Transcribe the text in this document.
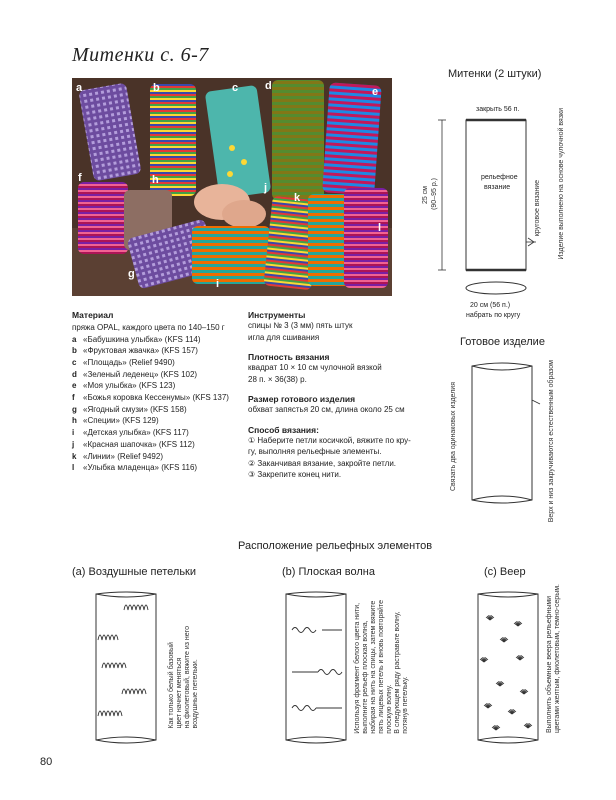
Митенки с. 6-7
a	b	c d	e
f
g
h
i
j
k
l
Материал
пряжа OPAL, каждого цвета по 140–150 г
a «Бабушкина улыбка» (KFS 114)
b «Фруктовая жвачка» (KFS 157)
c «Площадь» (Relief 9490)
d «Зеленый леденец» (KFS 102)
e «Моя улыбка» (KFS 123)
f «Божья коровка Кессенумы» (KFS 137)
g «Ягодный смузи» (KFS 158)
h «Специи» (KFS 129)
i «Детская улыбка» (KFS 117)
j «Красная шапочка» (KFS 112)
k «Линии» (Relief 9492)
l «Улыбка младенца» (KFS 116)
Инструменты
спицы № 3 (3 мм) пять штук
игла для сшивания
Плотность вязания
квадрат 10 × 10 см чулочной вязкой
28 п. × 36(38) р.
Размер готового изделия
обхват запястья 20 см, длина около 25 см
Способ вязания:
① Наберите петли косичкой, вяжите по кру-
гу, выполняя рельефные элементы.
② Заканчивая вязание, закройте петли.
③ Закрепите конец нити.
Митенки (2 штуки)
закрыть 56 п.
рельефное
вязание
25 см (90–95 р.)	круговое вязание Изделие выполнено на основе чулочной вязки
20 см (56 п.)
набрать по кругу
Готовое изделие
Связать два одинаковых изделия	Верх и низ закручиваются естественным образом
Расположение рельефных элементов
(a) Воздушные петельки
Как только белый базовый цвет начнет меняться на фиолетовый, вяжите из него воздушные петельки.
(b) Плоская волна
Используя фрагмент белого цвета нити, выполните рельеф плоская волна, набирая на нить на спицы, затем вяжите пять лицевых петель и вновь повторяйте плоскую волну. В следующем ряду растравьте волну, потянув петельку.
(c) Веер
Выполнить объемные веера рельефными цветами желтым, фиолетовым, темно-серым.
80
